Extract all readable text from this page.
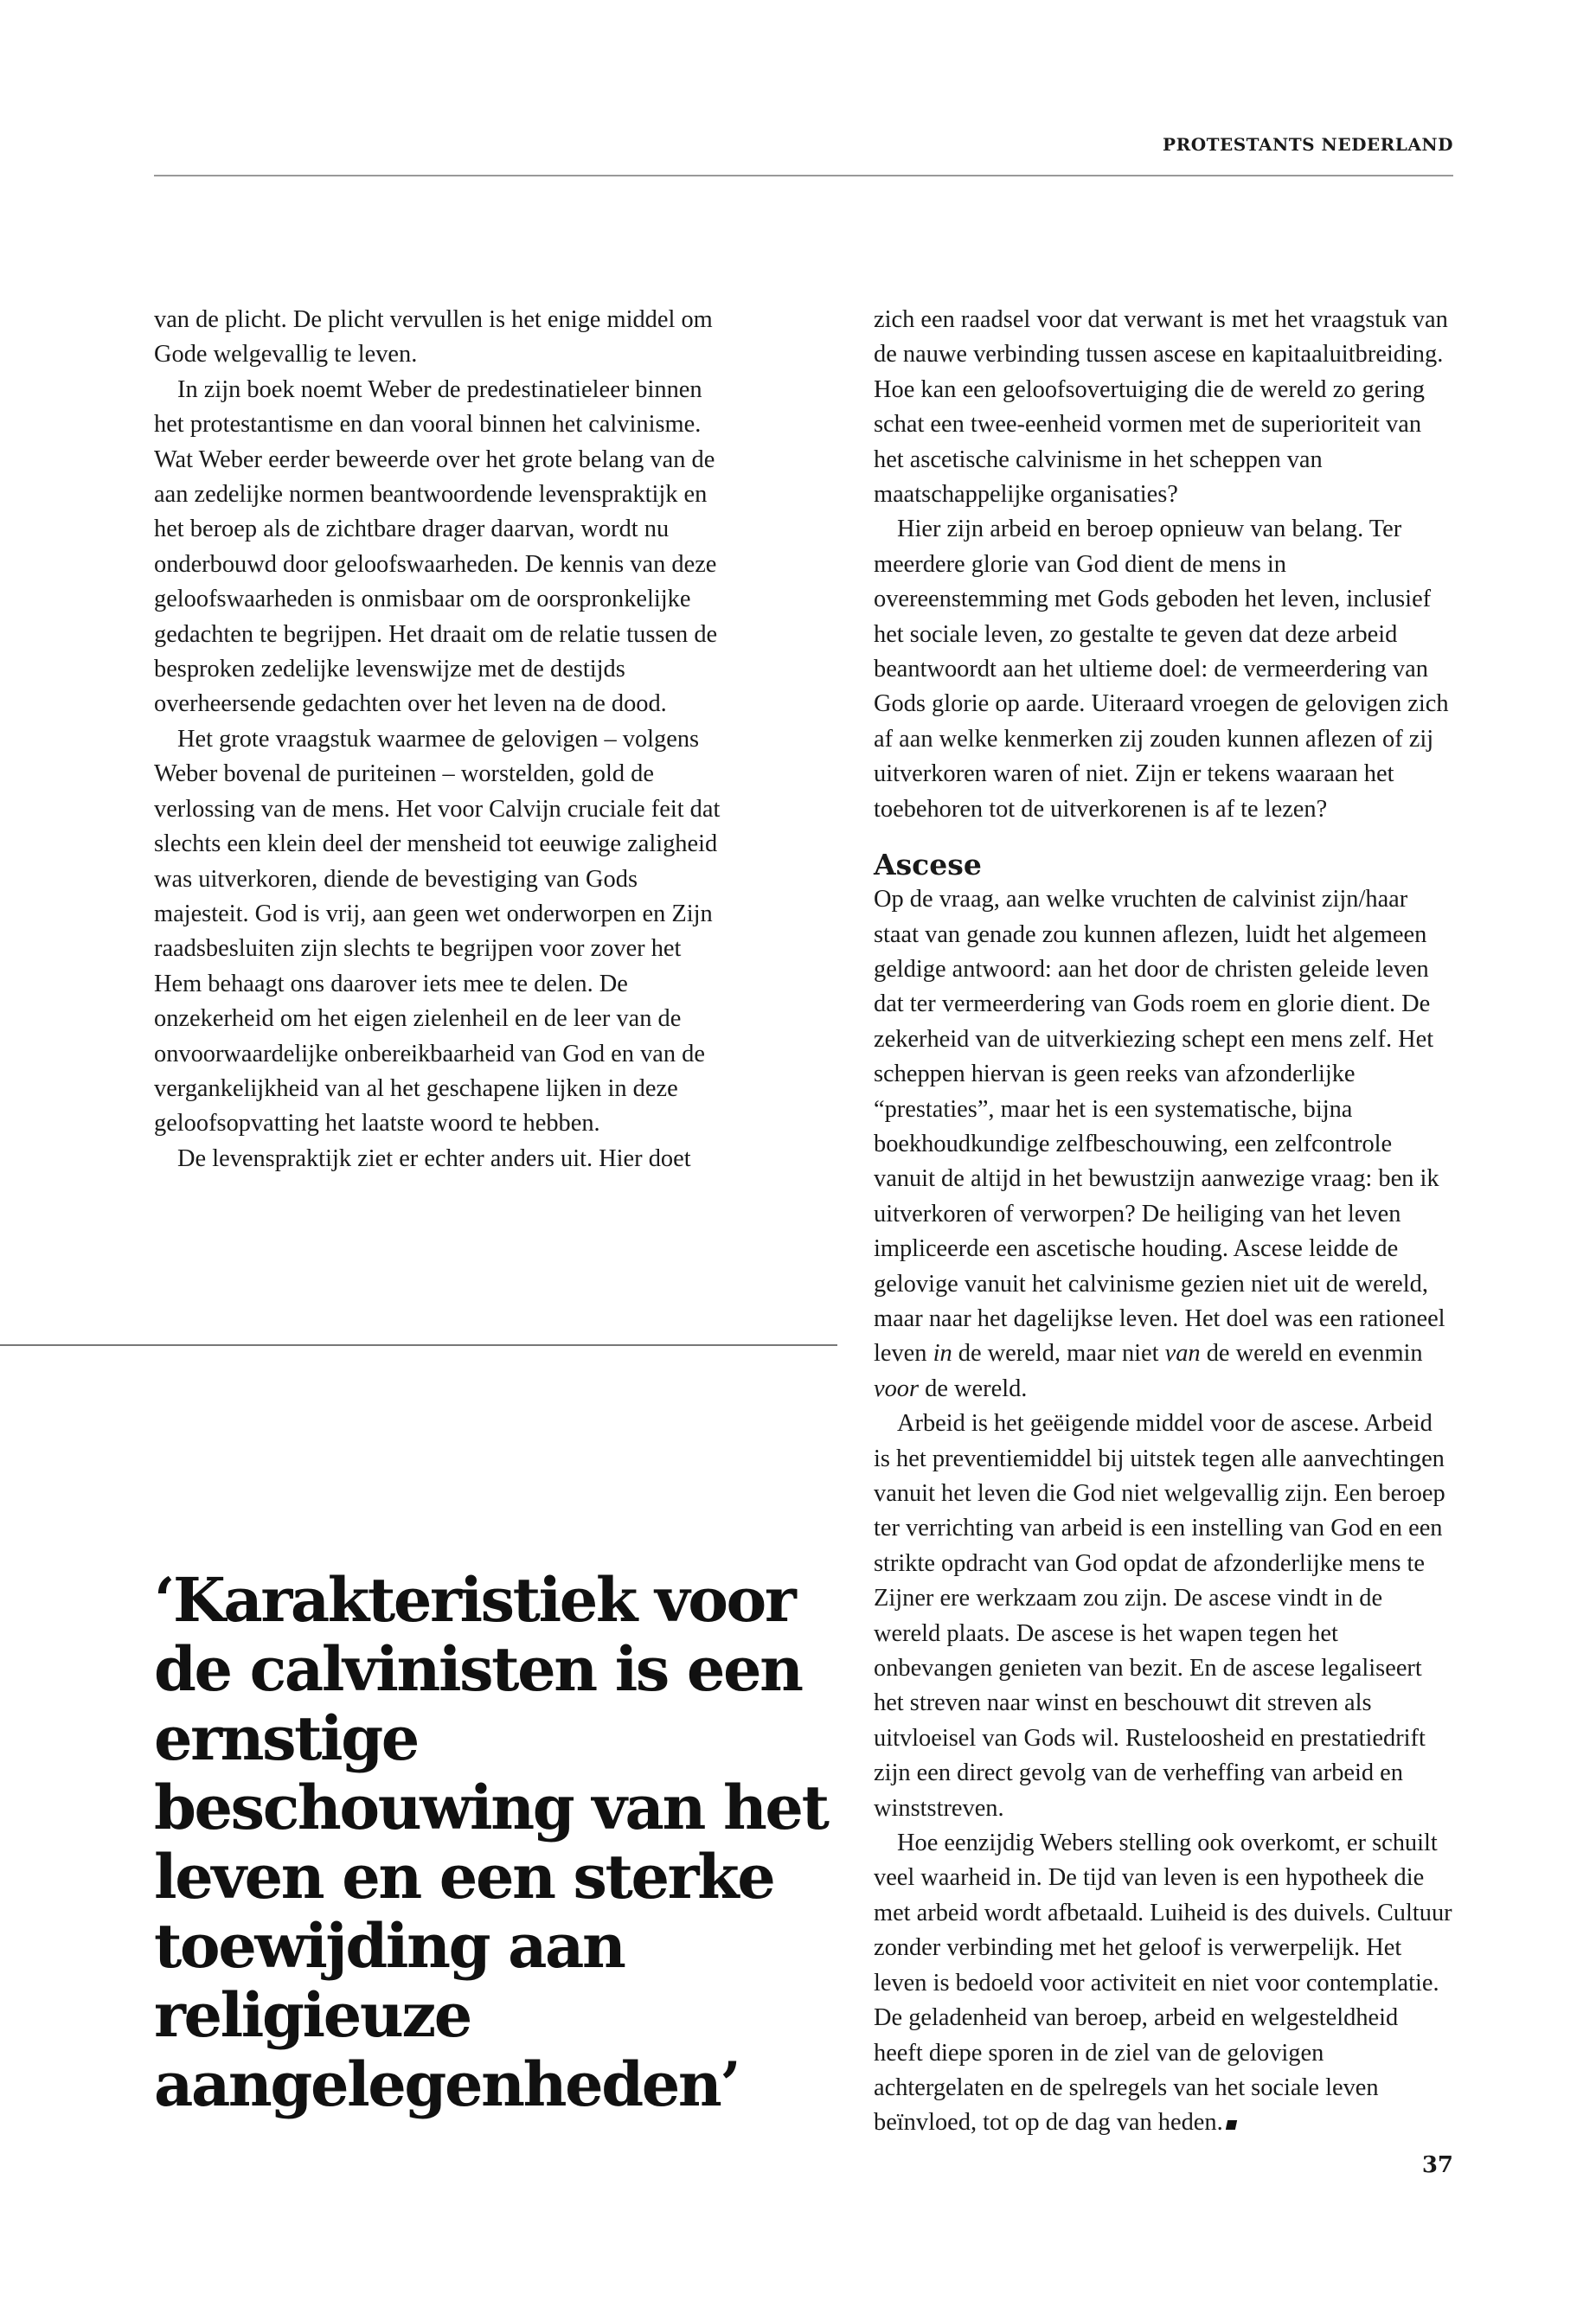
PROTESTANTS NEDERLAND

van de plicht. De plicht vervullen is het enige middel om Gode welgevallig te leven.

In zijn boek noemt Weber de predestinatieleer binnen het protestantisme en dan vooral binnen het calvinisme. Wat Weber eerder beweerde over het grote belang van de aan zedelijke normen beantwoordende levenspraktijk en het beroep als de zichtbare drager daarvan, wordt nu onderbouwd door geloofswaarheden. De kennis van deze geloofswaarheden is onmisbaar om de oorspronkelijke gedachten te begrijpen. Het draait om de relatie tussen de besproken zedelijke levenswijze met de destijds overheersende gedachten over het leven na de dood.

Het grote vraagstuk waarmee de gelovigen – volgens Weber bovenal de puriteinen – worstelden, gold de verlossing van de mens. Het voor Calvijn cruciale feit dat slechts een klein deel der mensheid tot eeuwige zaligheid was uitverkoren, diende de bevestiging van Gods majesteit. God is vrij, aan geen wet onderworpen en Zijn raadsbesluiten zijn slechts te begrijpen voor zover het Hem behaagt ons daarover iets mee te delen. De onzekerheid om het eigen zielenheil en de leer van de onvoorwaardelijke onbereikbaarheid van God en van de vergankelijkheid van al het geschapene lijken in deze geloofsopvatting het laatste woord te hebben.

De levenspraktijk ziet er echter anders uit. Hier doet

‘Karakteristiek voor de calvinisten is een ernstige beschouwing van het leven en een sterke toewijding aan religieuze aangelegenheden’

zich een raadsel voor dat verwant is met het vraagstuk van de nauwe verbinding tussen ascese en kapitaaluitbreiding. Hoe kan een geloofsovertuiging die de wereld zo gering schat een twee-eenheid vormen met de superioriteit van het ascetische calvinisme in het scheppen van maatschappelijke organisaties?

Hier zijn arbeid en beroep opnieuw van belang. Ter meerdere glorie van God dient de mens in overeenstemming met Gods geboden het leven, inclusief het sociale leven, zo gestalte te geven dat deze arbeid beantwoordt aan het ultieme doel: de vermeerdering van Gods glorie op aarde. Uiteraard vroegen de gelovigen zich af aan welke kenmerken zij zouden kunnen aflezen of zij uitverkoren waren of niet. Zijn er tekens waaraan het toebehoren tot de uitverkorenen is af te lezen?

Ascese

Op de vraag, aan welke vruchten de calvinist zijn/haar staat van genade zou kunnen aflezen, luidt het algemeen geldige antwoord: aan het door de christen geleide leven dat ter vermeerdering van Gods roem en glorie dient. De zekerheid van de uitverkiezing schept een mens zelf. Het scheppen hiervan is geen reeks van afzonderlijke “prestaties”, maar het is een systematische, bijna boekhoudkundige zelfbeschouwing, een zelfcontrole vanuit de altijd in het bewustzijn aanwezige vraag: ben ik uitverkoren of verworpen? De heiliging van het leven impliceerde een ascetische houding. Ascese leidde de gelovige vanuit het calvinisme gezien niet uit de wereld, maar naar het dagelijkse leven. Het doel was een rationeel leven in de wereld, maar niet van de wereld en evenmin voor de wereld.

Arbeid is het geëigende middel voor de ascese. Arbeid is het preventiemiddel bij uitstek tegen alle aanvechtingen vanuit het leven die God niet welgevallig zijn. Een beroep ter verrichting van arbeid is een instelling van God en een strikte opdracht van God opdat de afzonderlijke mens te Zijner ere werkzaam zou zijn. De ascese vindt in de wereld plaats. De ascese is het wapen tegen het onbevangen genieten van bezit. En de ascese legaliseert het streven naar winst en beschouwt dit streven als uitvloeisel van Gods wil. Rusteloosheid en prestatiedrift zijn een direct gevolg van de verheffing van arbeid en winststreven.

Hoe eenzijdig Webers stelling ook overkomt, er schuilt veel waarheid in. De tijd van leven is een hypotheek die met arbeid wordt afbetaald. Luiheid is des duivels. Cultuur zonder verbinding met het geloof is verwerpelijk. Het leven is bedoeld voor activiteit en niet voor contemplatie. De geladenheid van beroep, arbeid en welgesteldheid heeft diepe sporen in de ziel van de gelovigen achtergelaten en de spelregels van het sociale leven beïnvloed, tot op de dag van heden.

37
